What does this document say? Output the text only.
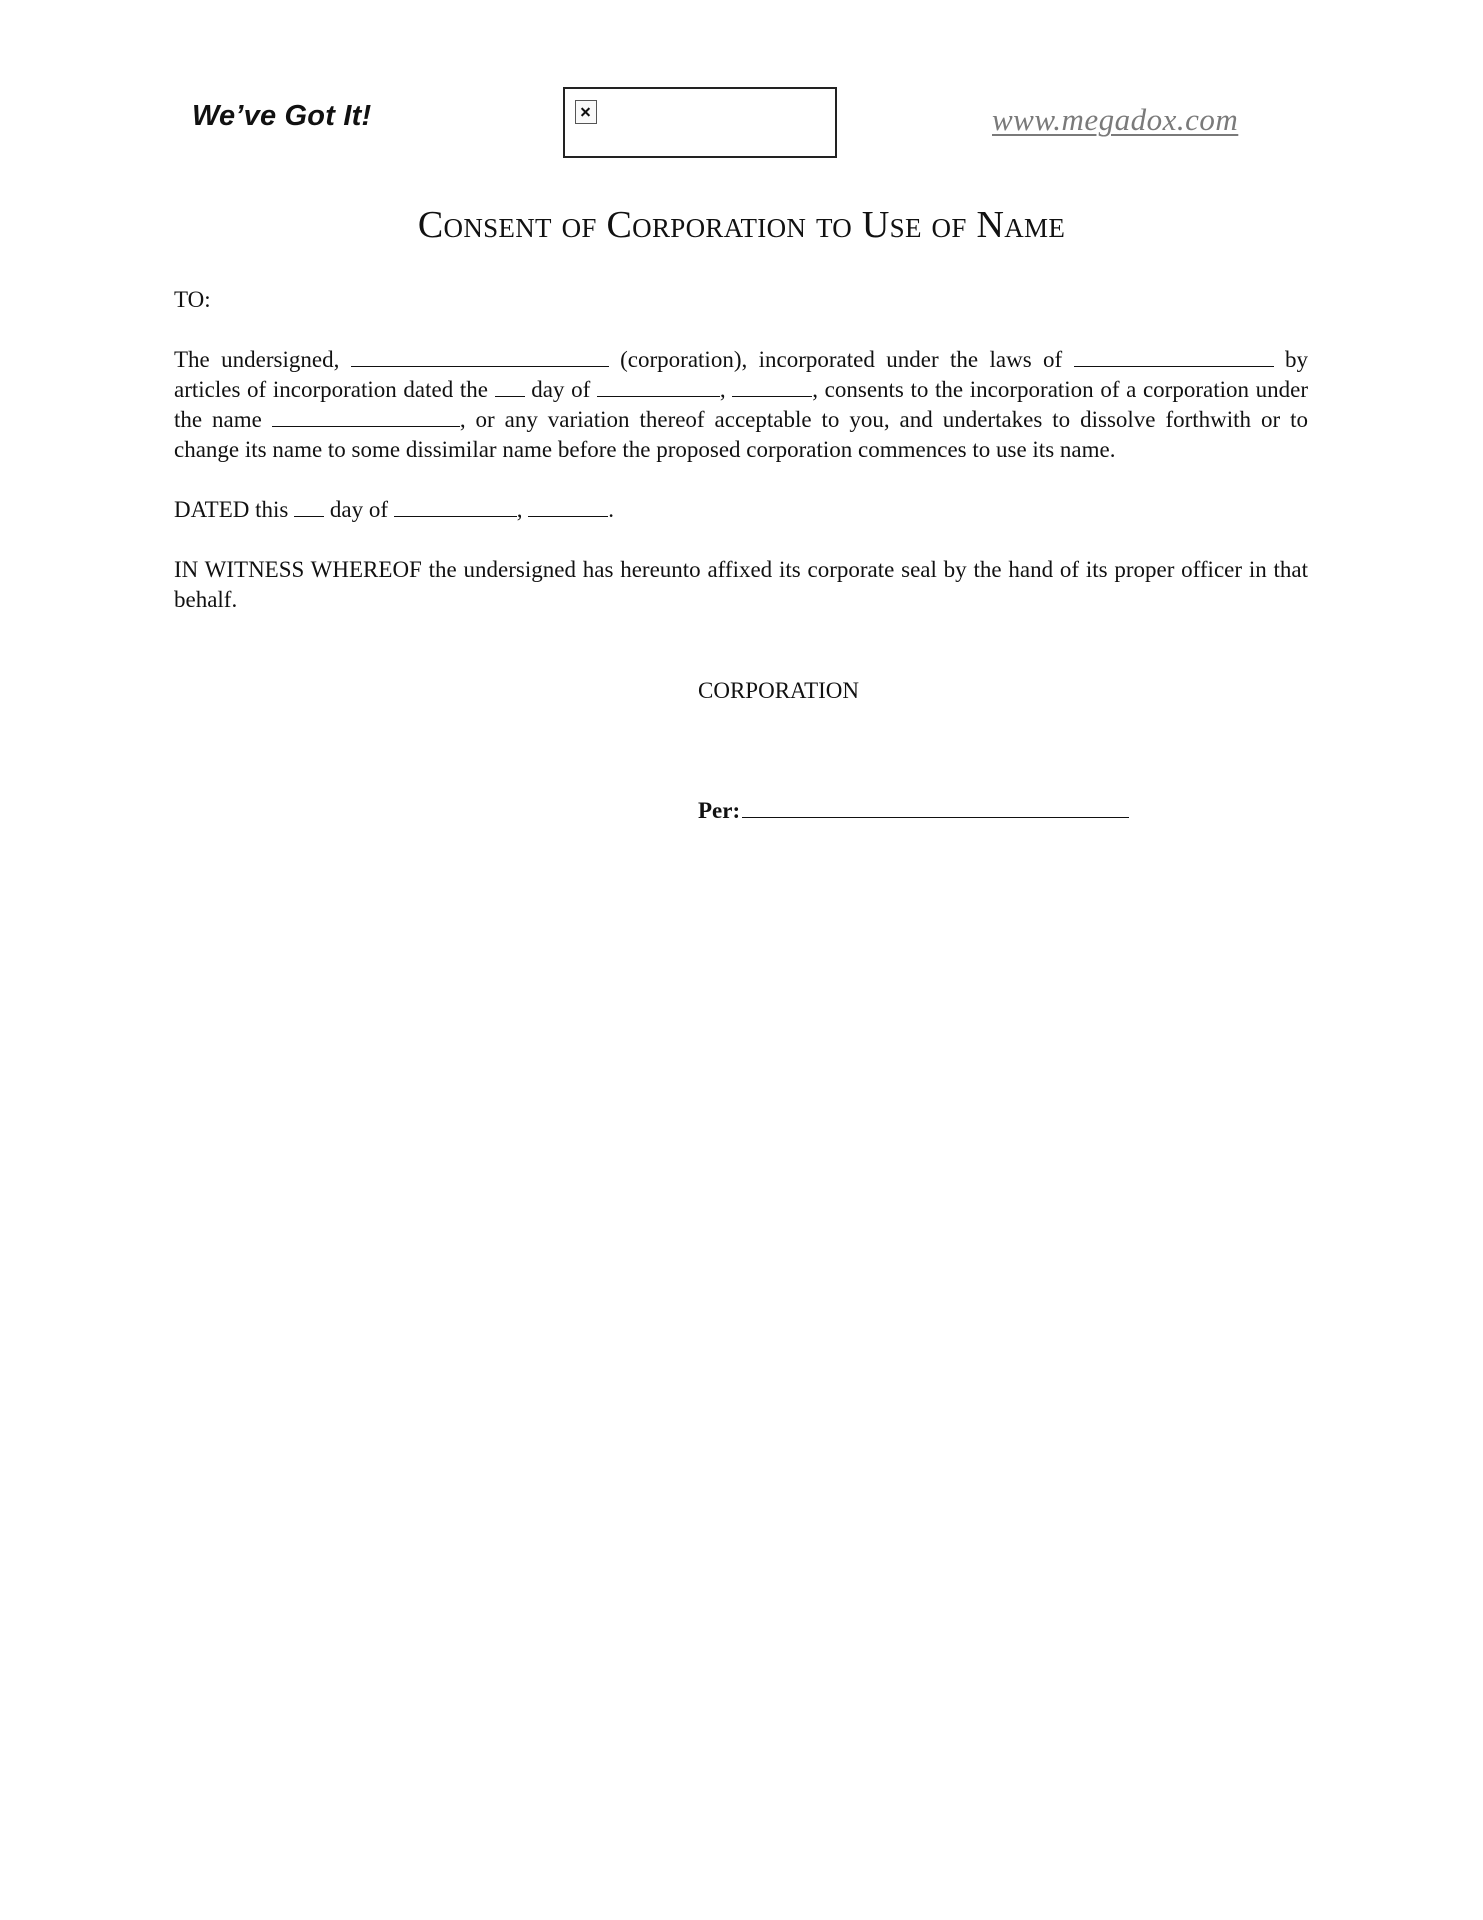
We’ve Got It!	www.megadox.com
Consent of Corporation to Use of Name

TO:

The undersigned,	(corporation), incorporated under the laws of	by articles of incorporation dated the day of	,	, consents to the incorporation of a corporation under the name	, or any variation thereof acceptable to you, and undertakes to dissolve forthwith or to change its name to some dissimilar name before the proposed corporation commences to use its name.

DATED this day of	,	.

IN WITNESS WHEREOF the undersigned has hereunto affixed its corporate seal by the hand of its proper officer in that behalf.

CORPORATION

Per:
